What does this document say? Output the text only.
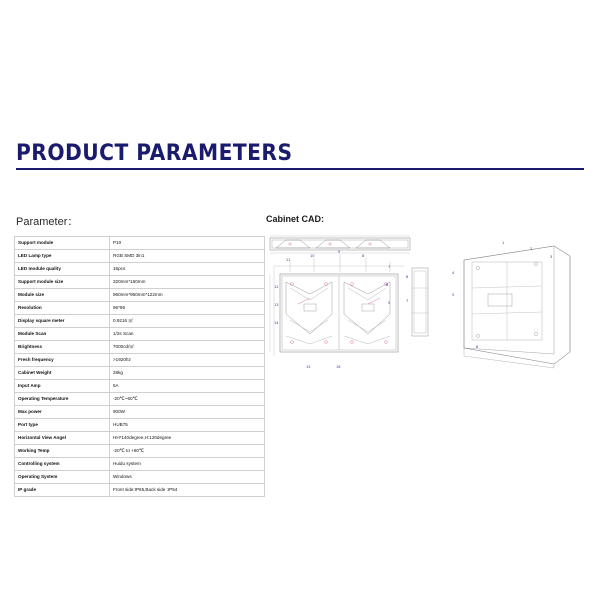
PRODUCT PARAMETERS
Parameter：	Cabinet CAD:
Support module	P10
LED Lamp type	RGB SMD 3in1
LED module quality	16pcs
Support module size	320mm*160mm
Module size	960mm*960mm*122mm
Resolution	96*96
Display square meter	0.9216 ㎡
Module Scan	1/2s Scan
Brightness	7000cd/㎡
Fresh frequency	>1920hz
Cabinet Weight	28kg
Input Amp	5A
Operating Temperature	-20℃~60℃
Max power	900W
Port type	HUB75
Horizontal View Angel	HH*140degree,H:120degree
Working Temp	-20℃ to +60℃
Controlling system	Huidu system
Operating System	Windows
IP grade	Front side:IP65,Back side :IP54
11
10
9
8
7
6
5
12
13
14
15	16
8
7
3
2
1
4
5
6
